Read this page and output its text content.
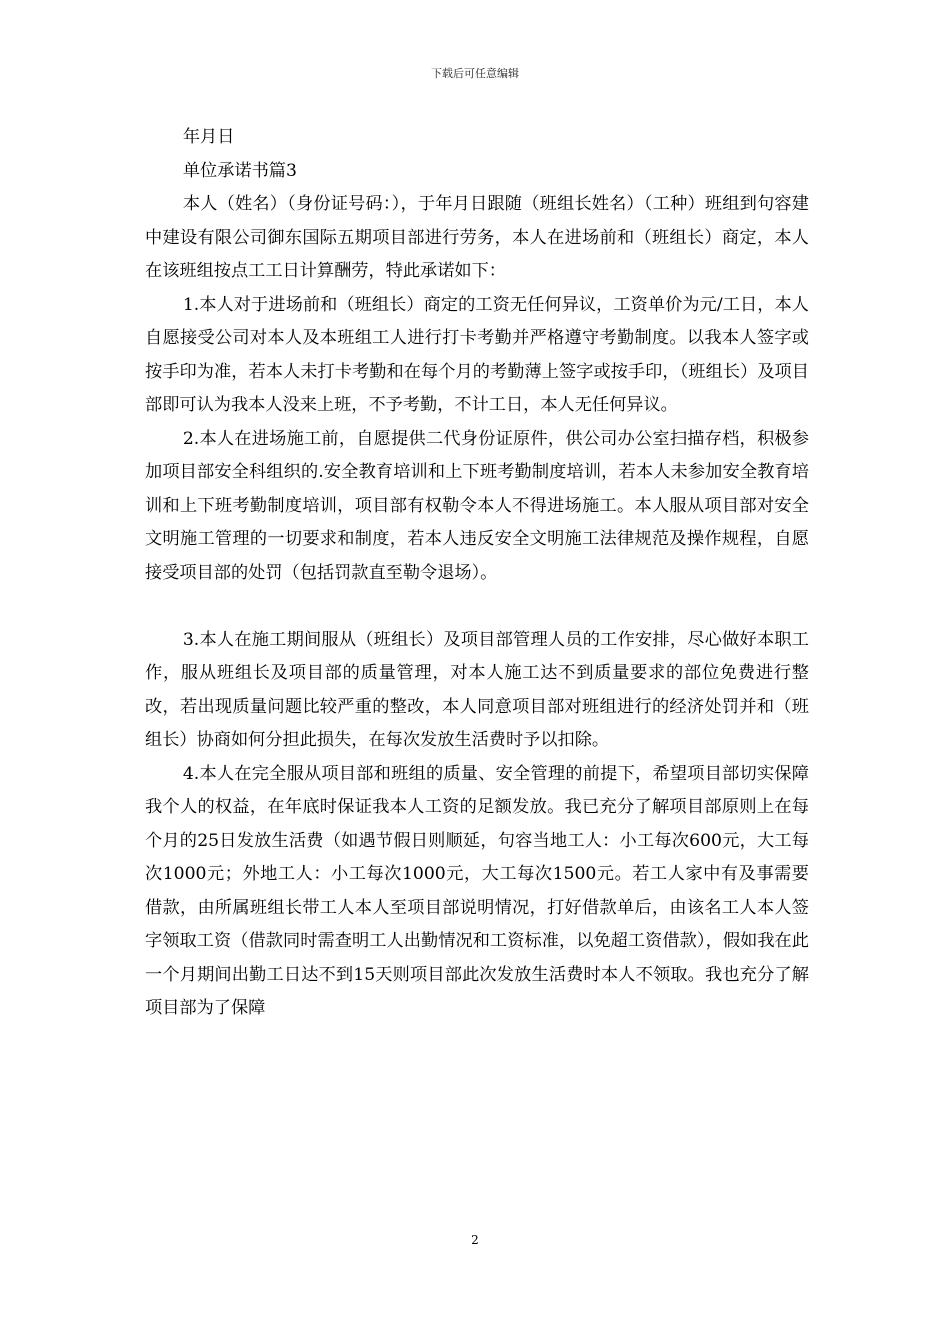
下载后可任意编辑

年月日

单位承诺书篇3

本人（姓名）（身份证号码：），于年月日跟随（班组长姓名）（工种）班组到句容建中建设有限公司御东国际五期项目部进行劳务，本人在进场前和（班组长）商定，本人在该班组按点工工日计算酬劳，特此承诺如下：

1.本人对于进场前和（班组长）商定的工资无任何异议，工资单价为元/工日，本人自愿接受公司对本人及本班组工人进行打卡考勤并严格遵守考勤制度。以我本人签字或按手印为准，若本人未打卡考勤和在每个月的考勤薄上签字或按手印，（班组长）及项目部即可认为我本人没来上班，不予考勤，不计工日，本人无任何异议。

2.本人在进场施工前，自愿提供二代身份证原件，供公司办公室扫描存档，积极参加项目部安全科组织的.安全教育培训和上下班考勤制度培训，若本人未参加安全教育培训和上下班考勤制度培训，项目部有权勒令本人不得进场施工。本人服从项目部对安全文明施工管理的一切要求和制度，若本人违反安全文明施工法律规范及操作规程，自愿接受项目部的处罚（包括罚款直至勒令退场）。

3.本人在施工期间服从（班组长）及项目部管理人员的工作安排，尽心做好本职工作，服从班组长及项目部的质量管理，对本人施工达不到质量要求的部位免费进行整改，若出现质量问题比较严重的整改，本人同意项目部对班组进行的经济处罚并和（班组长）协商如何分担此损失，在每次发放生活费时予以扣除。

4.本人在完全服从项目部和班组的质量、安全管理的前提下，希望项目部切实保障我个人的权益，在年底时保证我本人工资的足额发放。我已充分了解项目部原则上在每个月的25日发放生活费（如遇节假日则顺延，句容当地工人：小工每次600元，大工每次1000元；外地工人：小工每次1000元，大工每次1500元。若工人家中有及事需要借款，由所属班组长带工人本人至项目部说明情况，打好借款单后，由该名工人本人签字领取工资（借款同时需查明工人出勤情况和工资标准，以免超工资借款），假如我在此一个月期间出勤工日达不到15天则项目部此次发放生活费时本人不领取。我也充分了解项目部为了保障

2
